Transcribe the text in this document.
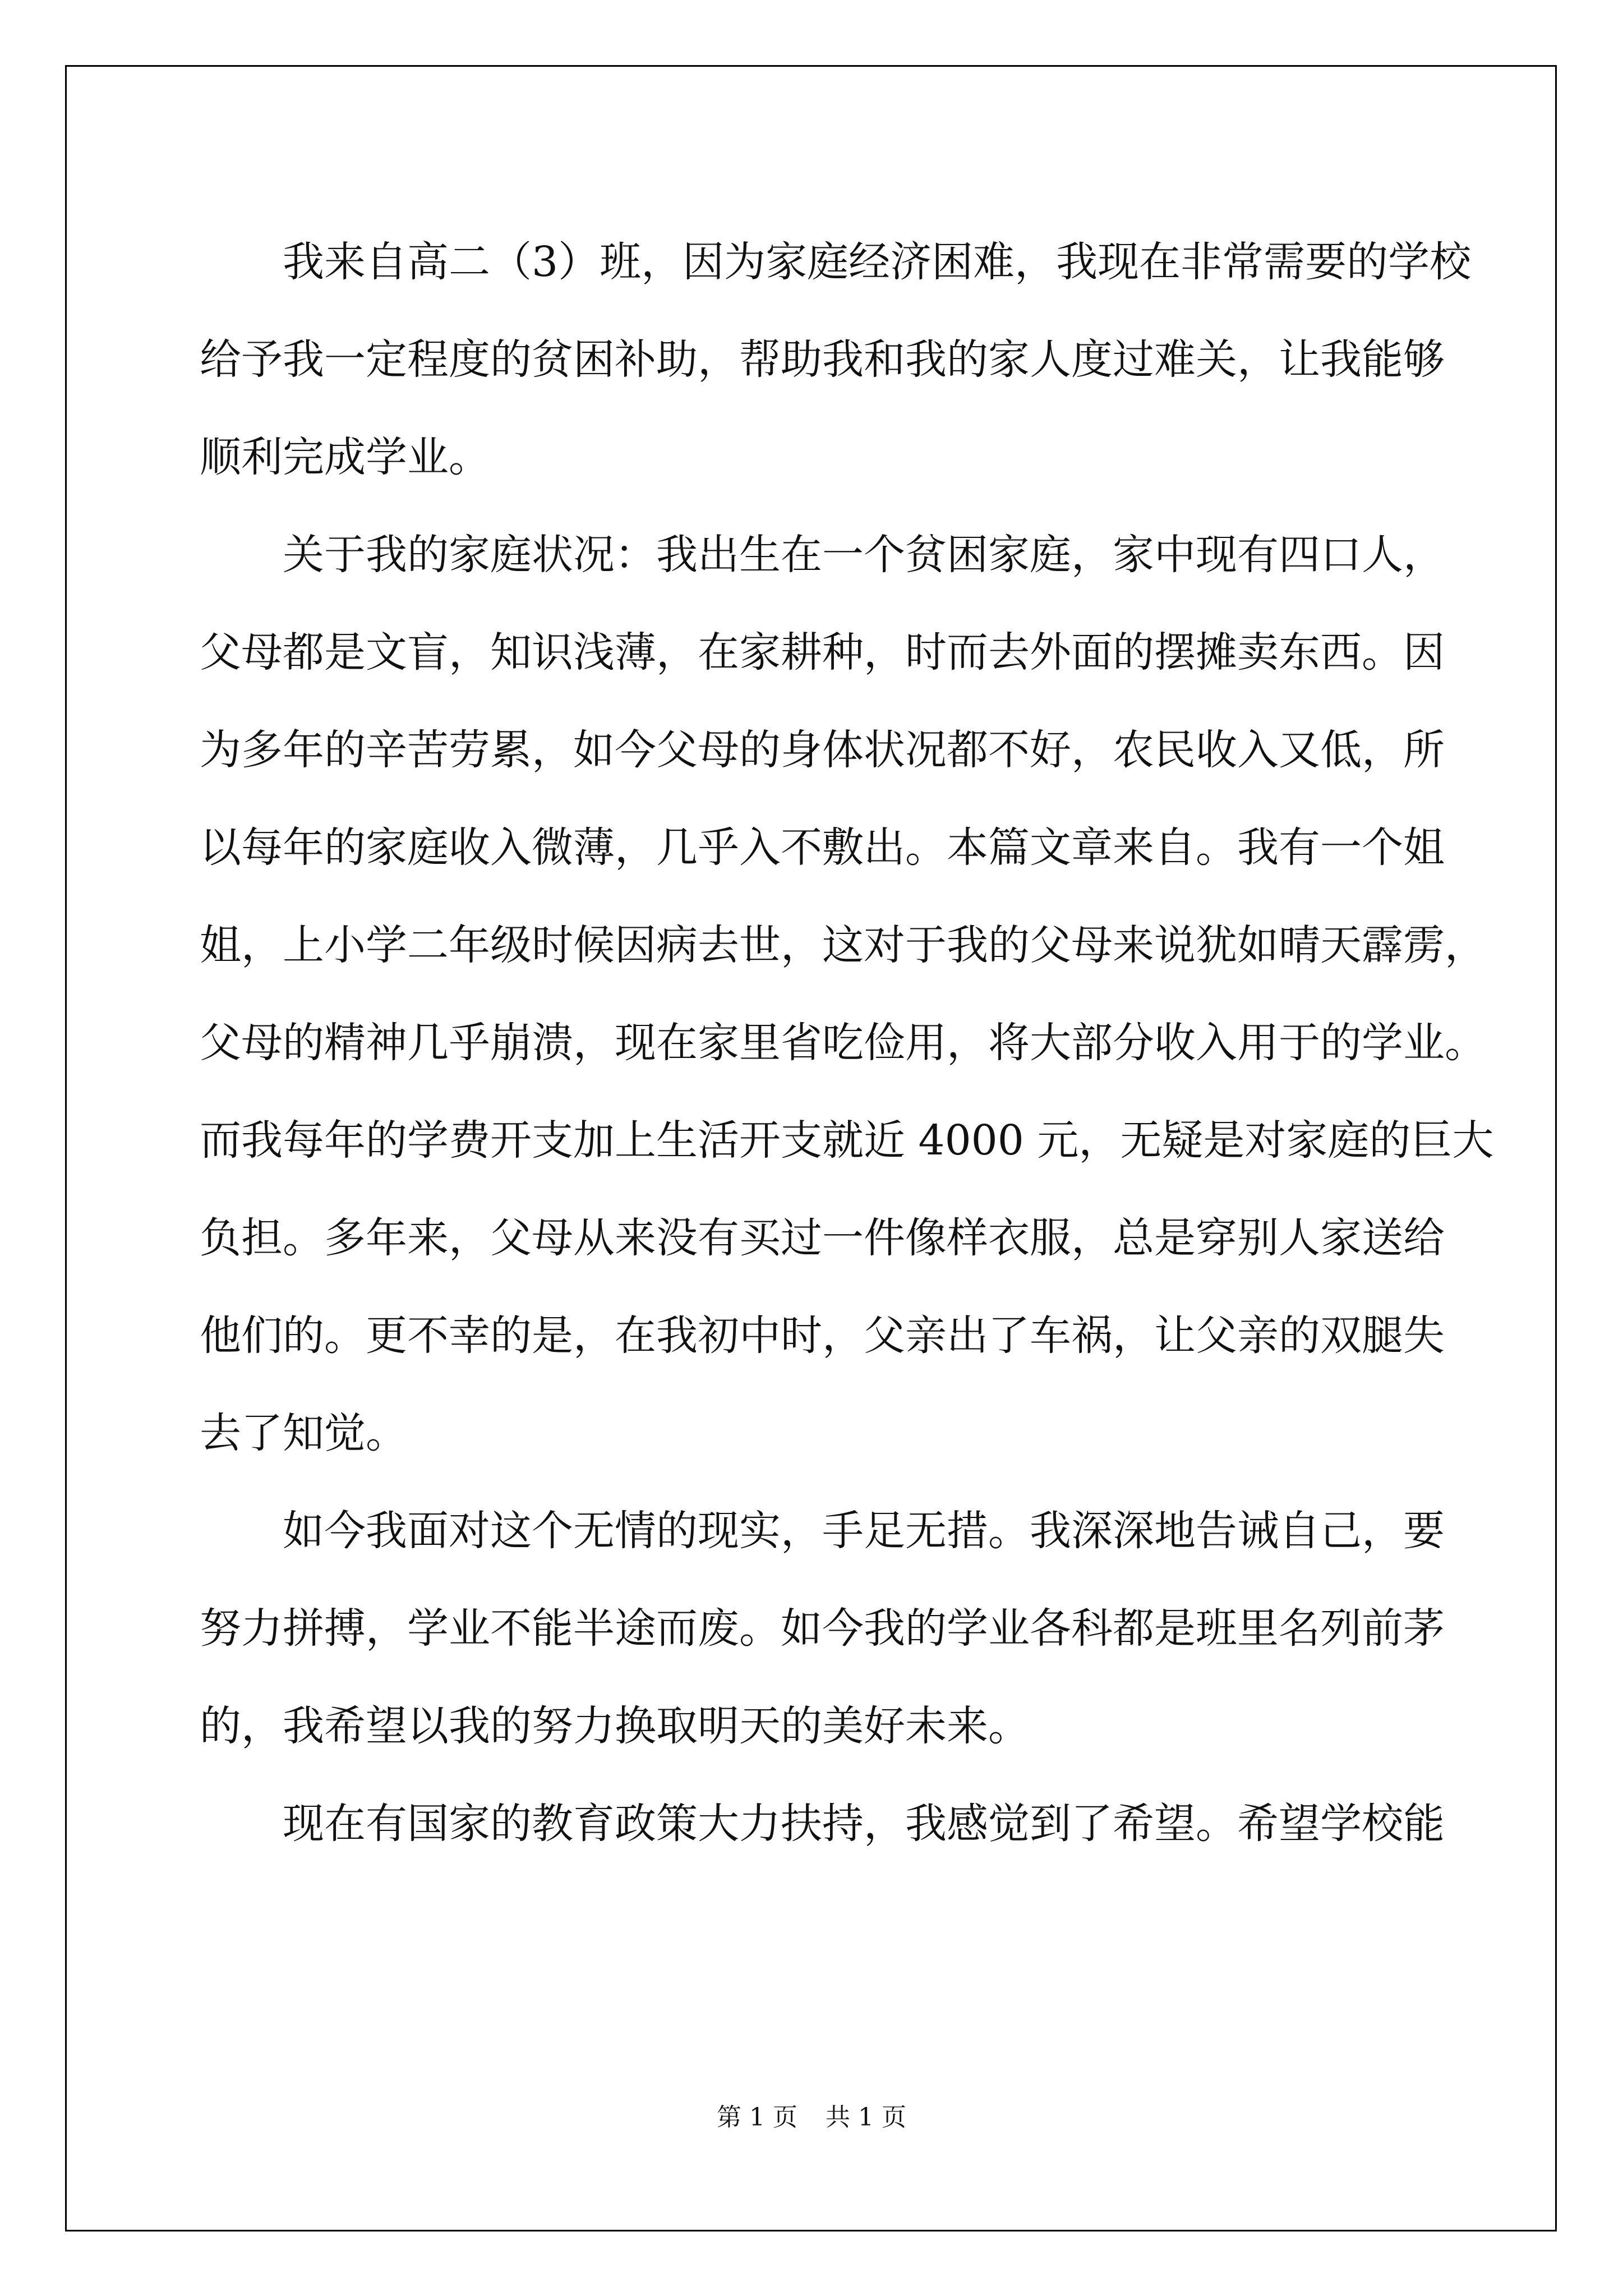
　　我来自高二（3）班，因为家庭经济困难，我现在非常需要的学校
给予我一定程度的贫困补助，帮助我和我的家人度过难关，让我能够
顺利完成学业。
　　关于我的家庭状况：我出生在一个贫困家庭，家中现有四口人，
父母都是文盲，知识浅薄，在家耕种，时而去外面的摆摊卖东西。因
为多年的辛苦劳累，如今父母的身体状况都不好，农民收入又低，所
以每年的家庭收入微薄，几乎入不敷出。本篇文章来自。我有一个姐
姐，上小学二年级时候因病去世，这对于我的父母来说犹如晴天霹雳，
父母的精神几乎崩溃，现在家里省吃俭用，将大部分收入用于的学业。
而我每年的学费开支加上生活开支就近 4000 元，无疑是对家庭的巨大
负担。多年来，父母从来没有买过一件像样衣服，总是穿别人家送给
他们的。更不幸的是，在我初中时，父亲出了车祸，让父亲的双腿失
去了知觉。
　　如今我面对这个无情的现实，手足无措。我深深地告诫自己，要
努力拼搏，学业不能半途而废。如今我的学业各科都是班里名列前茅
的，我希望以我的努力换取明天的美好未来。
　　现在有国家的教育政策大力扶持，我感觉到了希望。希望学校能
第 1 页 共 1 页
